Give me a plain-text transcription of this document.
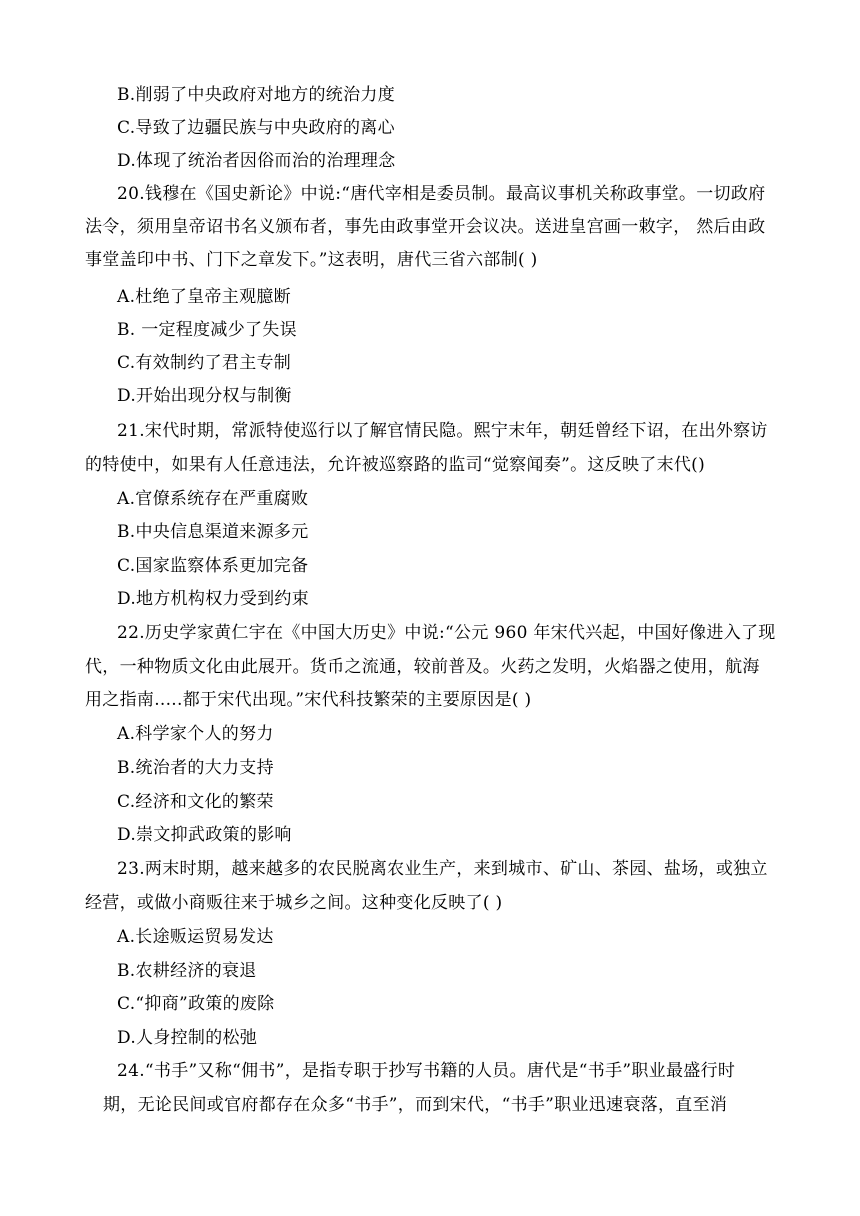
B.削弱了中央政府对地方的统治力度
C.导致了边疆民族与中央政府的离心
D.体现了统治者因俗而治的治理理念
20.钱穆在《国史新论》中说:“唐代宰相是委员制。最高议事机关称政事堂。一切政府
法令，须用皇帝诏书名义颁布者，事先由政事堂开会议决。送进皇宫画一敕字， 然后由政
事堂盖印中书、门下之章发下。”这表明，唐代三省六部制( )
A.杜绝了皇帝主观臆断
B. 一定程度减少了失误
C.有效制约了君主专制
D.开始出现分权与制衡
21.宋代时期，常派特使巡行以了解官情民隐。熙宁末年，朝廷曾经下诏，在出外察访
的特使中，如果有人任意违法，允许被巡察路的监司“觉察闻奏”。这反映了末代()
A.官僚系统存在严重腐败
B.中央信息渠道来源多元
C.国家监察体系更加完备
D.地方机构权力受到约束
22.历史学家黄仁宇在《中国大历史》中说:“公元 960 年宋代兴起，中国好像进入了现
代，一种物质文化由此展开。货币之流通，较前普及。火药之发明，火焰器之使用，航海
用之指南.....都于宋代出现。”宋代科技繁荣的主要原因是( )
A.科学家个人的努力
B.统治者的大力支持
C.经济和文化的繁荣
D.崇文抑武政策的影响
23.两末时期，越来越多的农民脱离农业生产，来到城市、矿山、茶园、盐场，或独立
经营，或做小商贩往来于城乡之间。这种变化反映了( )
A.长途贩运贸易发达
B.农耕经济的衰退
C.“抑商”政策的废除
D.人身控制的松弛
24.“书手”又称“佣书”，是指专职于抄写书籍的人员。唐代是“书手”职业最盛行时
期，无论民间或官府都存在众多“书手”，而到宋代，“书手”职业迅速衰落，直至消
